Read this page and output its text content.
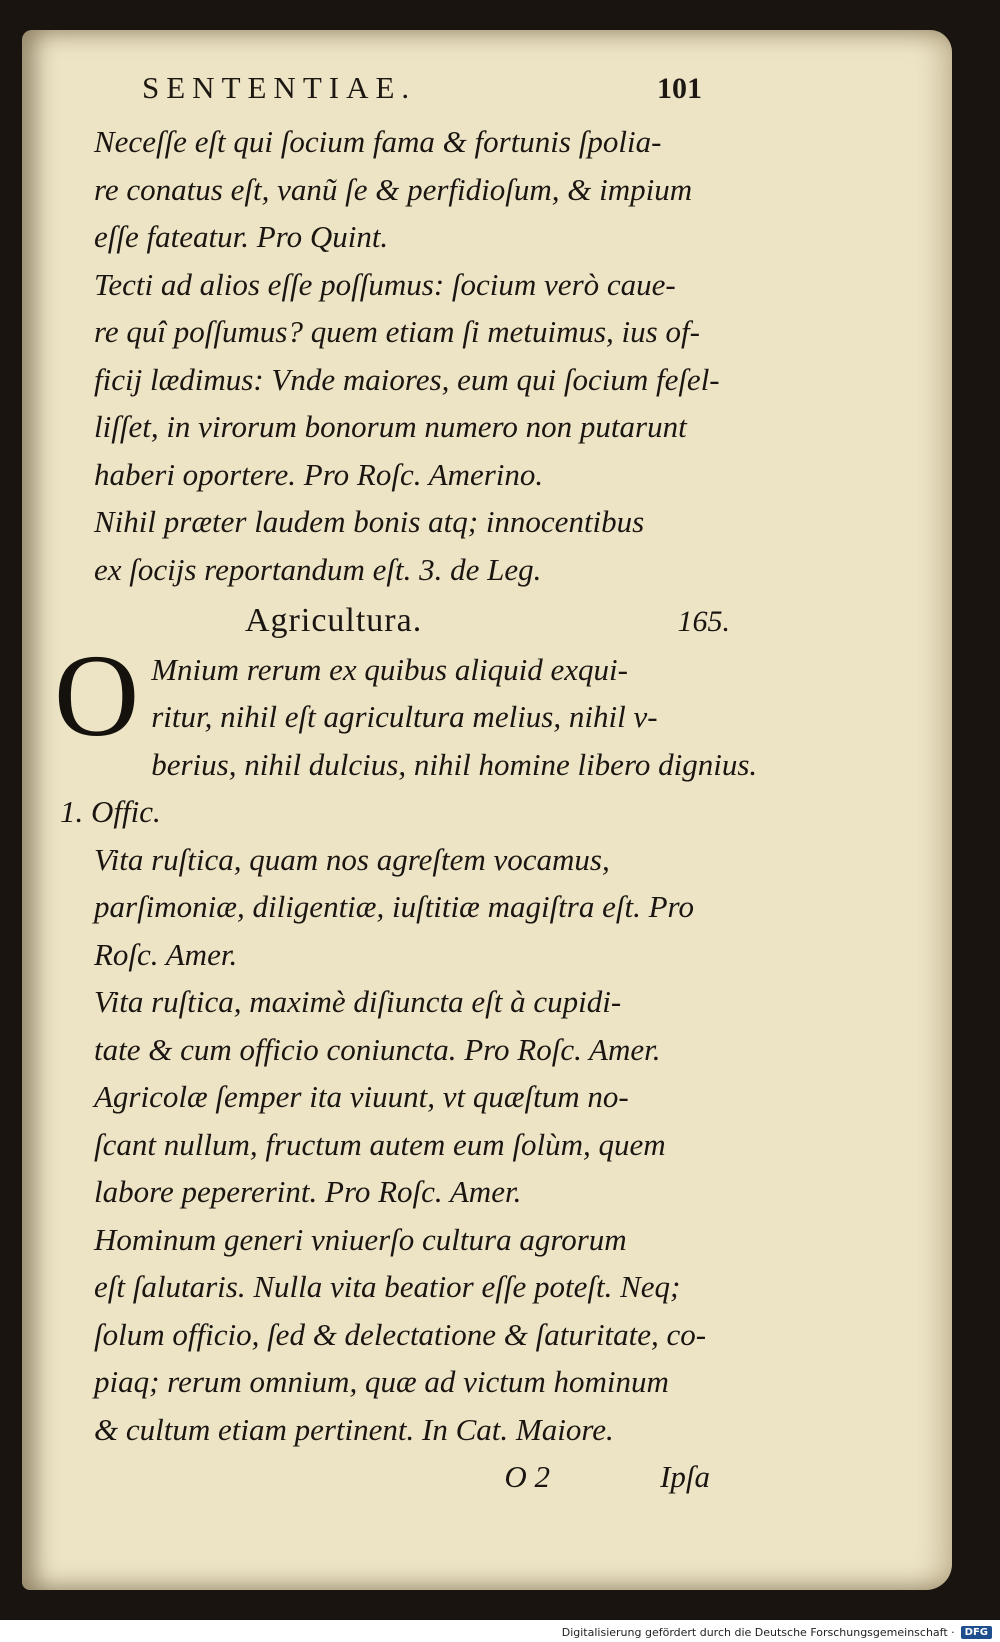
SENTENTIAE.	101

Neceſſe eſt qui ſocium fama & fortunis ſpolia-
re conatus eſt, vanũ ſe & perfidioſum, & impium
eſſe fateatur. Pro Quint.

Tecti ad alios eſſe poſſumus: ſocium verò caue-
re quî poſſumus? quem etiam ſi metuimus, ius of-
ficij lædimus: Vnde maiores, eum qui ſocium feſel-
liſſet, in virorum bonorum numero non putarunt
haberi oportere. Pro Roſc. Amerino.

Nihil præter laudem bonis atq; innocentibus
ex ſocijs reportandum eſt. 3. de Leg.

Agricultura.	165.

O Mnium rerum ex quibus aliquid exqui-
ritur, nihil eſt agricultura melius, nihil v-
berius, nihil dulcius, nihil homine libero dignius.
1. Offic.

Vita ruſtica, quam nos agreſtem vocamus,
parſimoniæ, diligentiæ, iuſtitiæ magiſtra eſt. Pro
Roſc. Amer.

Vita ruſtica, maximè diſiuncta eſt à cupidi-
tate & cum officio coniuncta. Pro Roſc. Amer.

Agricolæ ſemper ita viuunt, vt quæſtum no-
ſcant nullum, fructum autem eum ſolùm, quem
labore pepererint. Pro Roſc. Amer.

Hominum generi vniuerſo cultura agrorum
eſt ſalutaris. Nulla vita beatior eſſe poteſt. Neq;
ſolum officio, ſed & delectatione & ſaturitate, co-
piaq; rerum omnium, quæ ad victum hominum
& cultum etiam pertinent. In Cat. Maiore.

O 2	Ipſa
Digitalisierung gefördert durch die Deutsche Forschungsgemeinschaft ·	DFG
